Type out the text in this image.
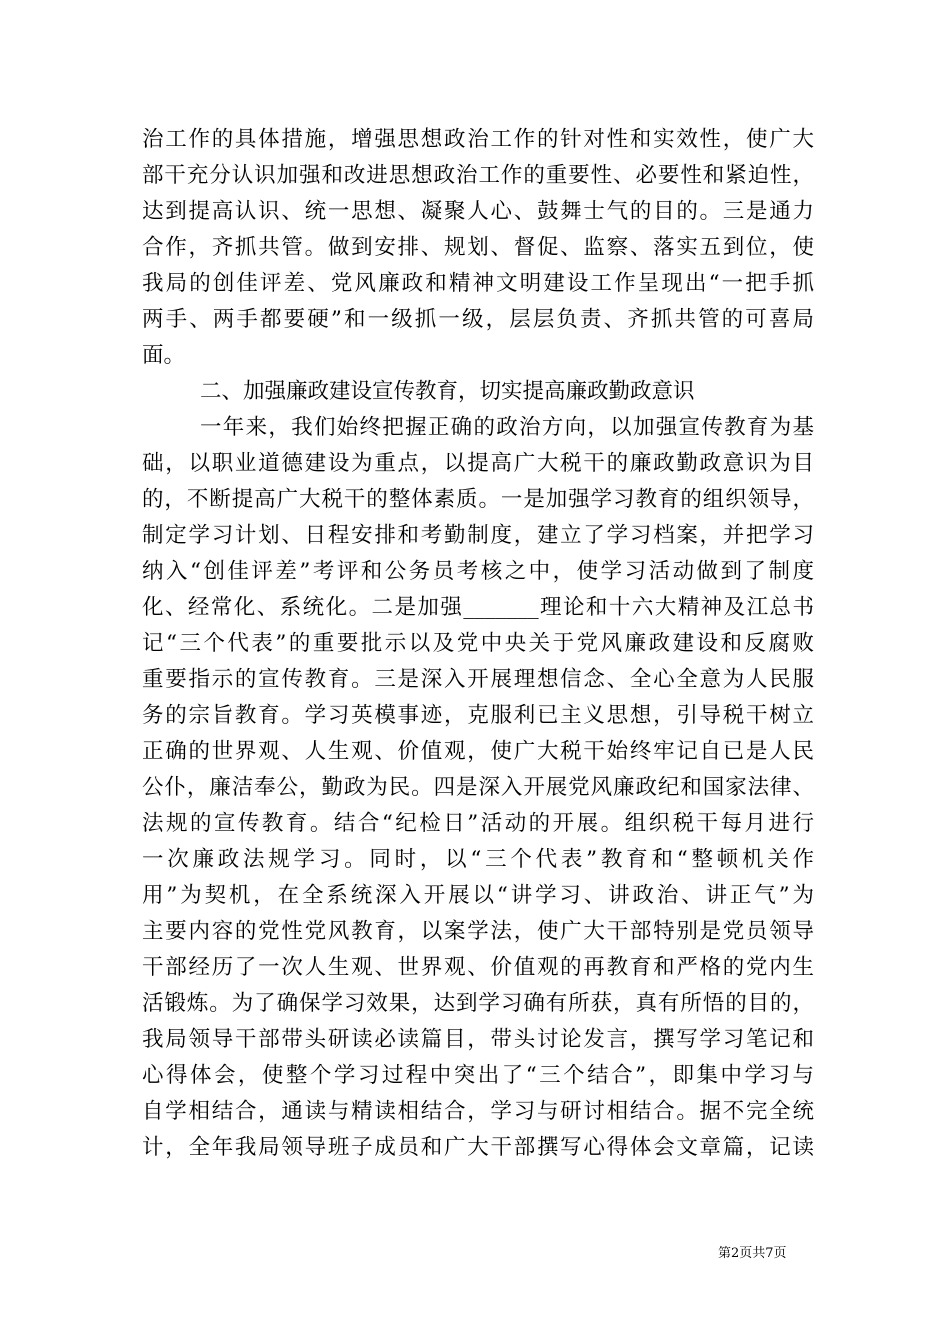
治工作的具体措施，增强思想政治工作的针对性和实效性，使广大
部干充分认识加强和改进思想政治工作的重要性、必要性和紧迫性，
达到提高认识、统一思想、凝聚人心、鼓舞士气的目的。三是通力
合作，齐抓共管。做到安排、规划、督促、监察、落实五到位，使
我局的创佳评差、党风廉政和精神文明建设工作呈现出“一把手抓
两手、两手都要硬”和一级抓一级，层层负责、齐抓共管的可喜局
面。
二、加强廉政建设宣传教育，切实提高廉政勤政意识
一年来，我们始终把握正确的政治方向，以加强宣传教育为基
础，以职业道德建设为重点，以提高广大税干的廉政勤政意识为目
的，不断提高广大税干的整体素质。一是加强学习教育的组织领导，
制定学习计划、日程安排和考勤制度，建立了学习档案，并把学习
纳入“创佳评差”考评和公务员考核之中，使学习活动做到了制度
化、经常化、系统化。二是加强_______理论和十六大精神及江总书
记“三个代表”的重要批示以及党中央关于党风廉政建设和反腐败
重要指示的宣传教育。三是深入开展理想信念、全心全意为人民服
务的宗旨教育。学习英模事迹，克服利已主义思想，引导税干树立
正确的世界观、人生观、价值观，使广大税干始终牢记自已是人民
公仆，廉洁奉公，勤政为民。四是深入开展党风廉政纪和国家法律、
法规的宣传教育。结合“纪检日”活动的开展。组织税干每月进行
一次廉政法规学习。同时，以“三个代表”教育和“整顿机关作
用”为契机，在全系统深入开展以“讲学习、讲政治、讲正气”为
主要内容的党性党风教育，以案学法，使广大干部特别是党员领导
干部经历了一次人生观、世界观、价值观的再教育和严格的党内生
活锻炼。为了确保学习效果，达到学习确有所获，真有所悟的目的，
我局领导干部带头研读必读篇目，带头讨论发言，撰写学习笔记和
心得体会，使整个学习过程中突出了“三个结合”，即集中学习与
自学相结合，通读与精读相结合，学习与研讨相结合。据不完全统
计，全年我局领导班子成员和广大干部撰写心得体会文章篇，记读
第2页共7页
